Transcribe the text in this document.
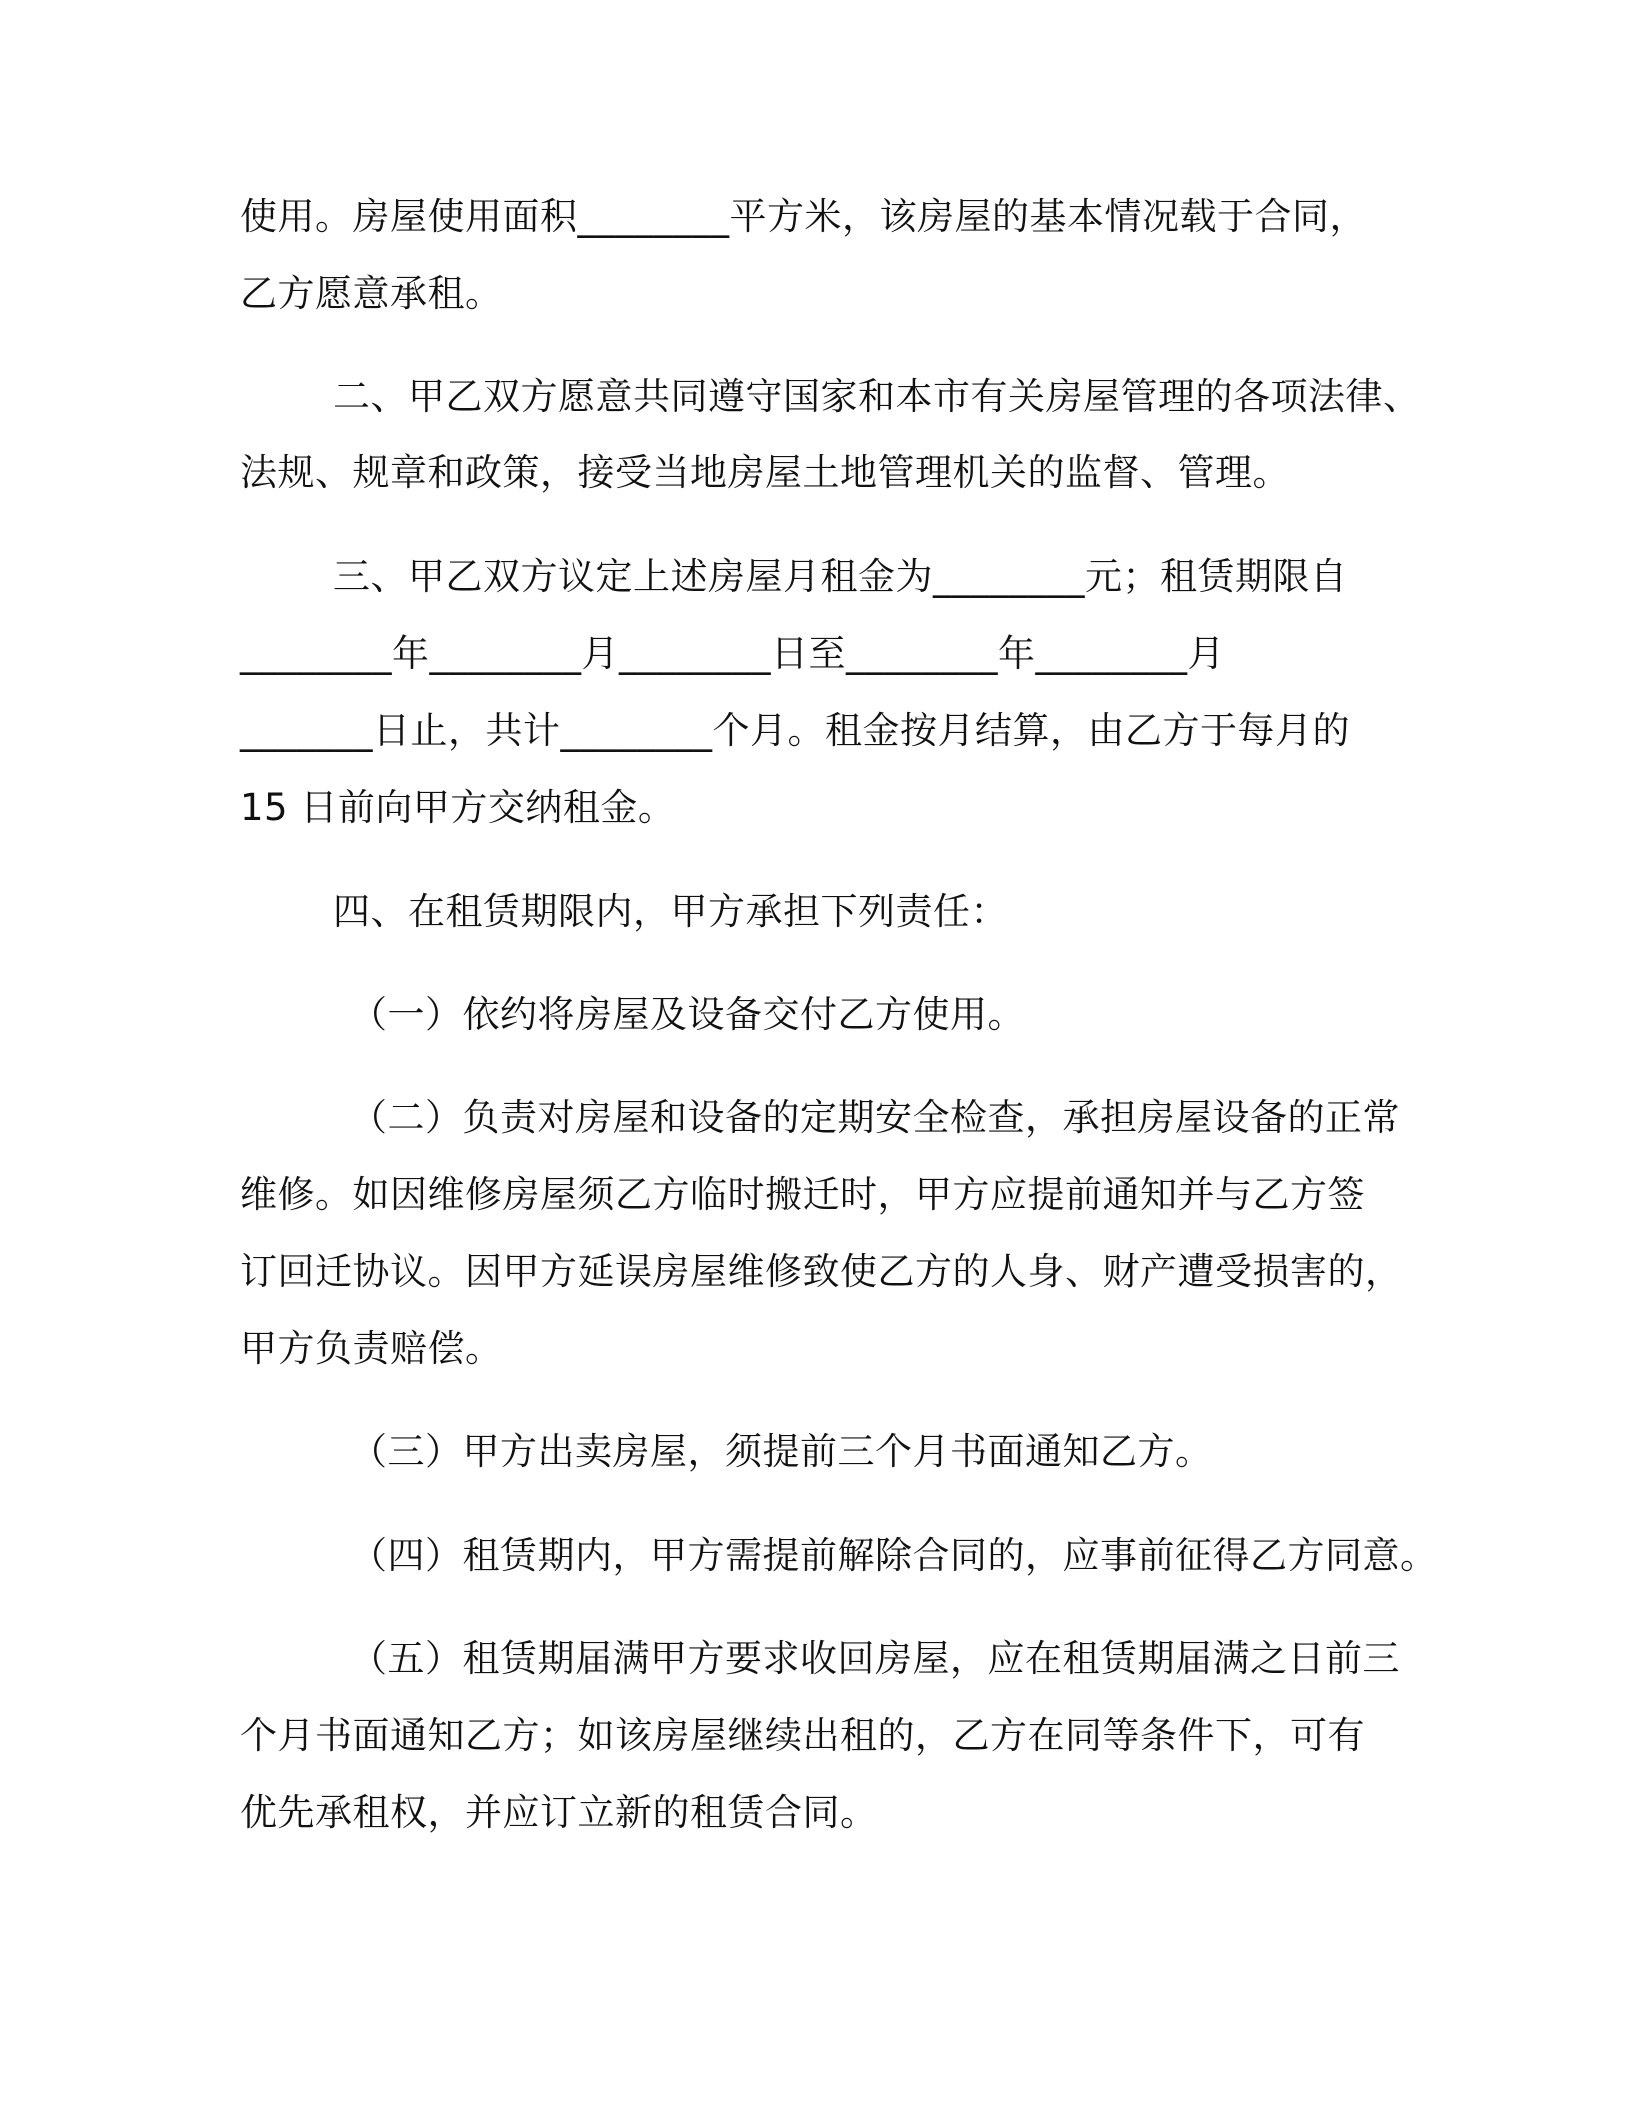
使用。房屋使用面积________平方米，该房屋的基本情况载于合同，
乙方愿意承租。
二、甲乙双方愿意共同遵守国家和本市有关房屋管理的各项法律、
法规、规章和政策，接受当地房屋土地管理机关的监督、管理。
三、甲乙双方议定上述房屋月租金为________元；租赁期限自
________年________月________日至________年________月
_______日止，共计________个月。租金按月结算，由乙方于每月的
15 日前向甲方交纳租金。
四、在租赁期限内，甲方承担下列责任：
（一）依约将房屋及设备交付乙方使用。
（二）负责对房屋和设备的定期安全检查，承担房屋设备的正常
维修。如因维修房屋须乙方临时搬迁时，甲方应提前通知并与乙方签
订回迁协议。因甲方延误房屋维修致使乙方的人身、财产遭受损害的，
甲方负责赔偿。
（三）甲方出卖房屋，须提前三个月书面通知乙方。
（四）租赁期内，甲方需提前解除合同的，应事前征得乙方同意。
（五）租赁期届满甲方要求收回房屋，应在租赁期届满之日前三
个月书面通知乙方；如该房屋继续出租的，乙方在同等条件下，可有
优先承租权，并应订立新的租赁合同。
